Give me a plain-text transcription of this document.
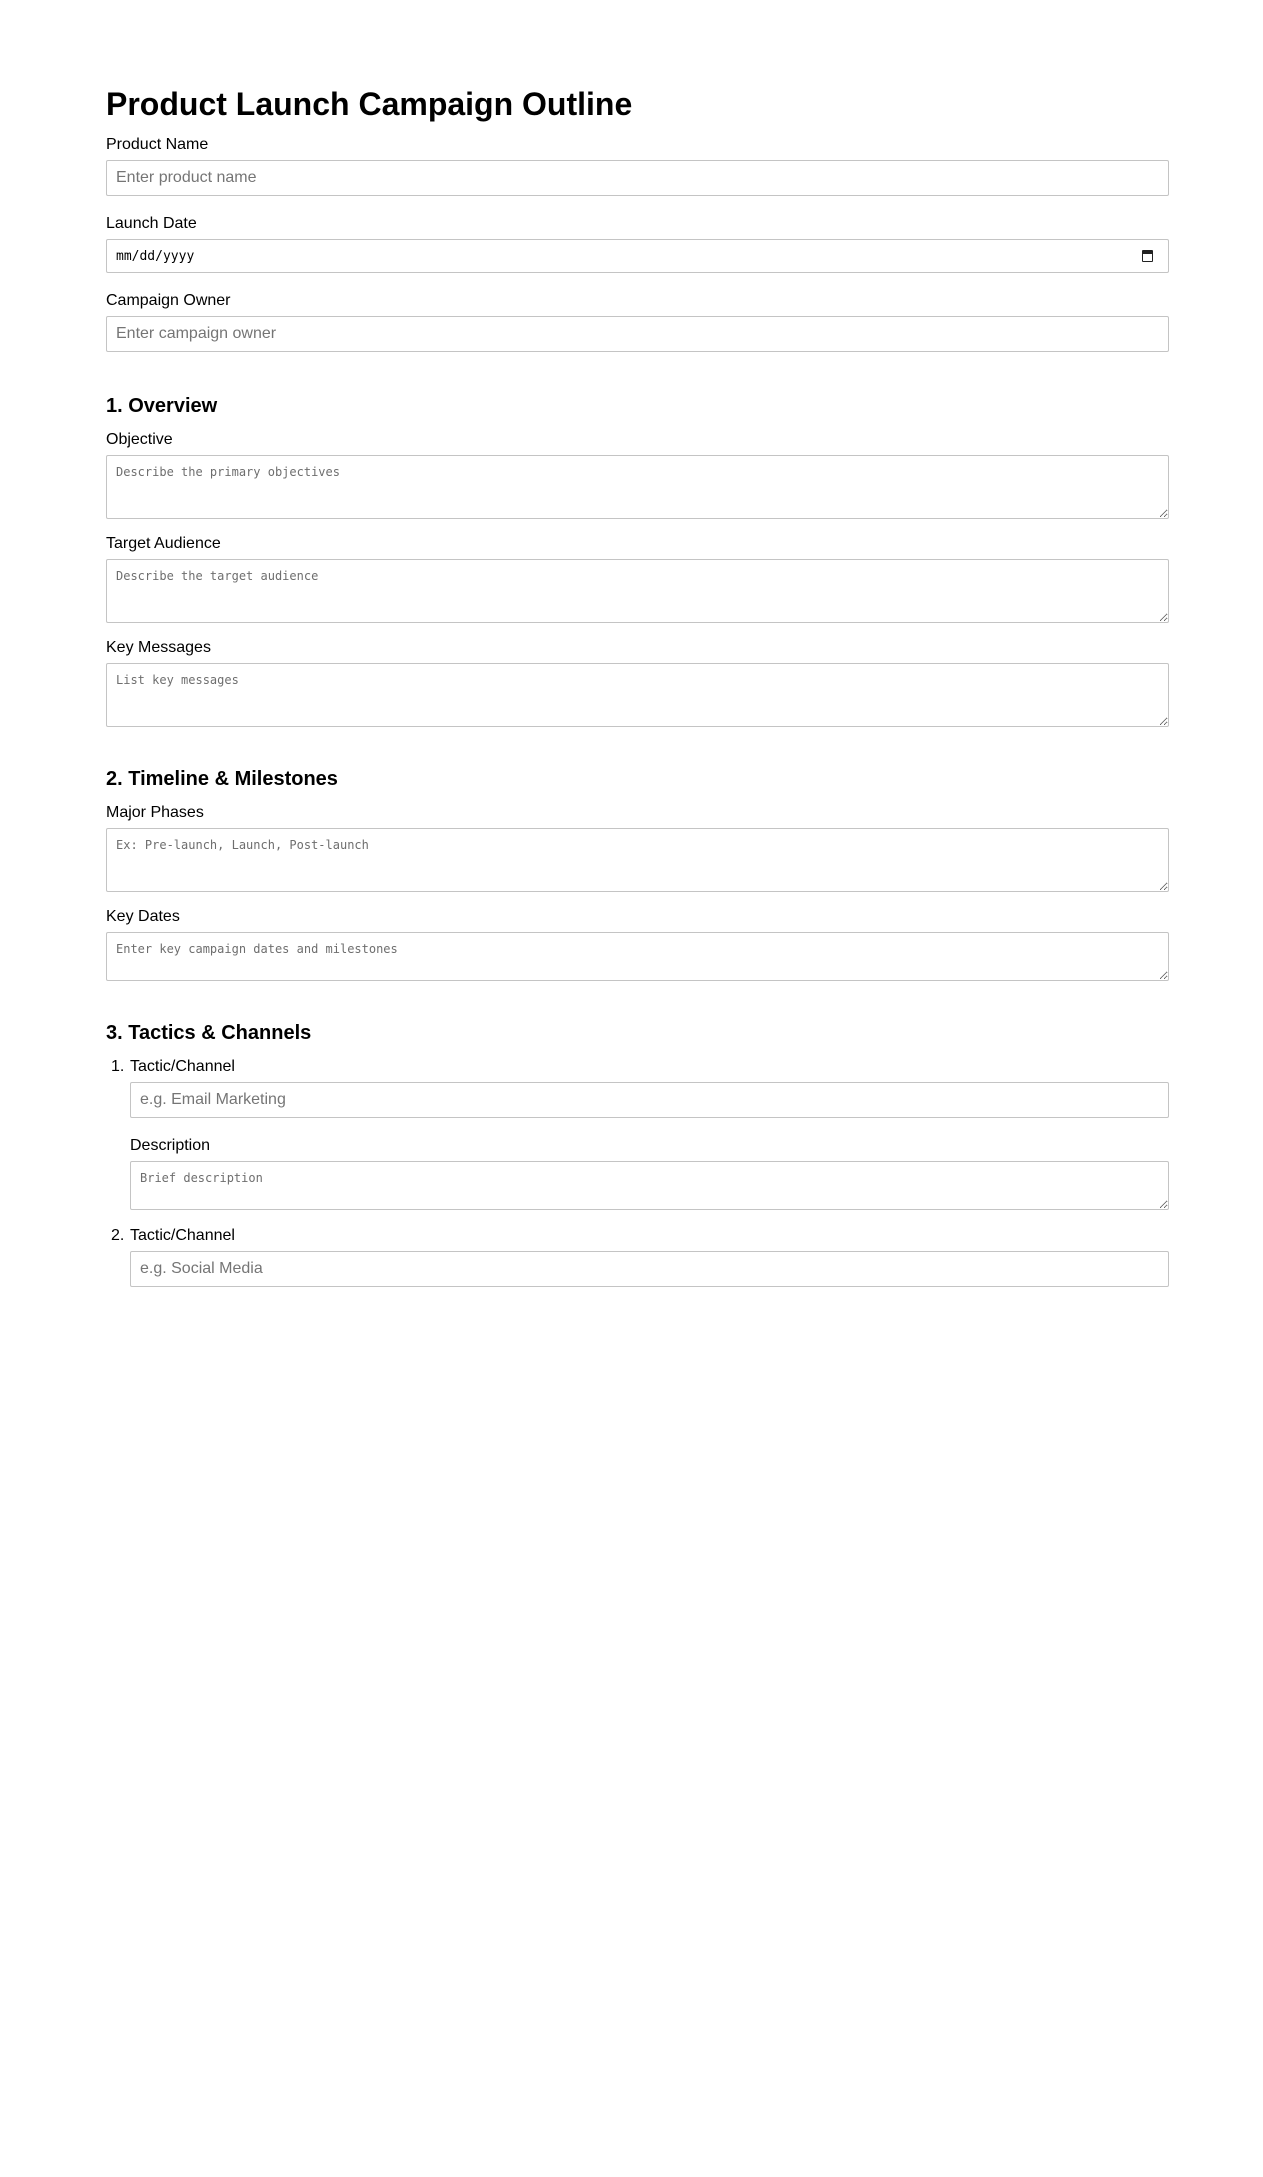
Product Launch Campaign Outline
Product Name
Enter product name
Launch Date
mm/dd/yyyy
Campaign Owner
Enter campaign owner
1. Overview
Objective
Describe the primary objectives
Target Audience
Describe the target audience
Key Messages
List key messages
2. Timeline & Milestones
Major Phases
Ex: Pre-launch, Launch, Post-launch
Key Dates
Enter key campaign dates and milestones
3. Tactics & Channels
1. Tactic/Channel
e.g. Email Marketing
Description
Brief description
2. Tactic/Channel
e.g. Social Media
